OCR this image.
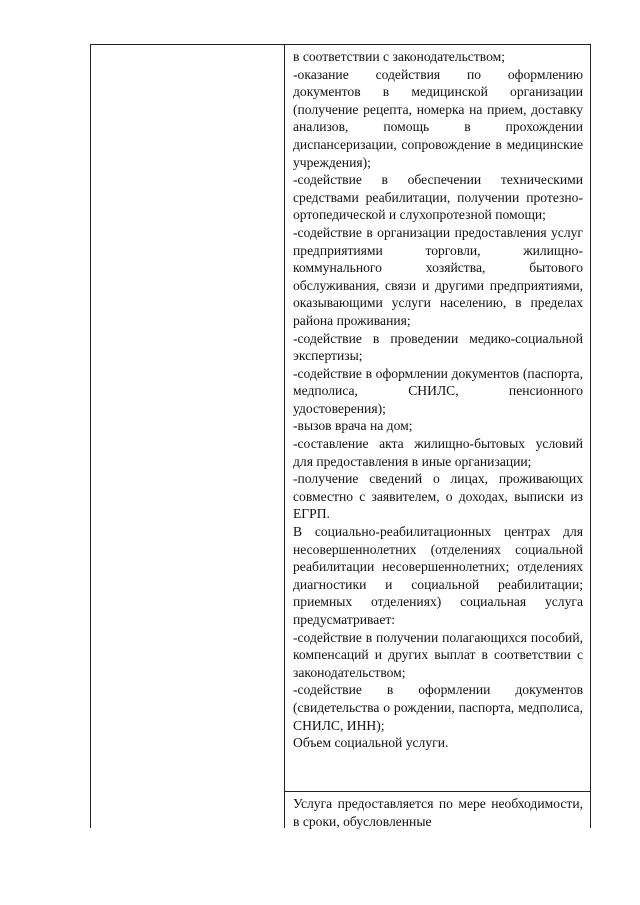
в соответствии с законодательством;

-оказание содействия по оформлению документов в медицинской организации (получение рецепта, номерка на прием, доставку анализов, помощь в прохождении диспансеризации, сопровождение в медицинские учреждения);

-содействие в обеспечении техническими средствами реабилитации, получении протезно-ортопедической и слухопротезной помощи;

-содействие в организации предоставления услуг предприятиями торговли, жилищно-коммунального хозяйства, бытового обслуживания, связи и другими предприятиями, оказывающими услуги населению, в пределах района проживания;

-содействие в проведении медико-социальной экспертизы;

-содействие в оформлении документов (паспорта, медполиса, СНИЛС, пенсионного удостоверения);

-вызов врача на дом;

-составление акта жилищно-бытовых условий для предоставления в иные организации;

-получение сведений о лицах, проживающих совместно с заявителем, о доходах, выписки из ЕГРП.

В социально-реабилитационных центрах для несовершеннолетних (отделениях социальной реабилитации несовершеннолетних; отделениях диагностики и социальной реабилитации; приемных отделениях) социальная услуга предусматривает:

-содействие в получении полагающихся пособий, компенсаций и других выплат в соответствии с законодательством;

-содействие в оформлении документов (свидетельства о рождении, паспорта, медполиса, СНИЛС, ИНН);

Объем социальной услуги.

Услуга предоставляется по мере необходимости, в сроки, обусловленные
